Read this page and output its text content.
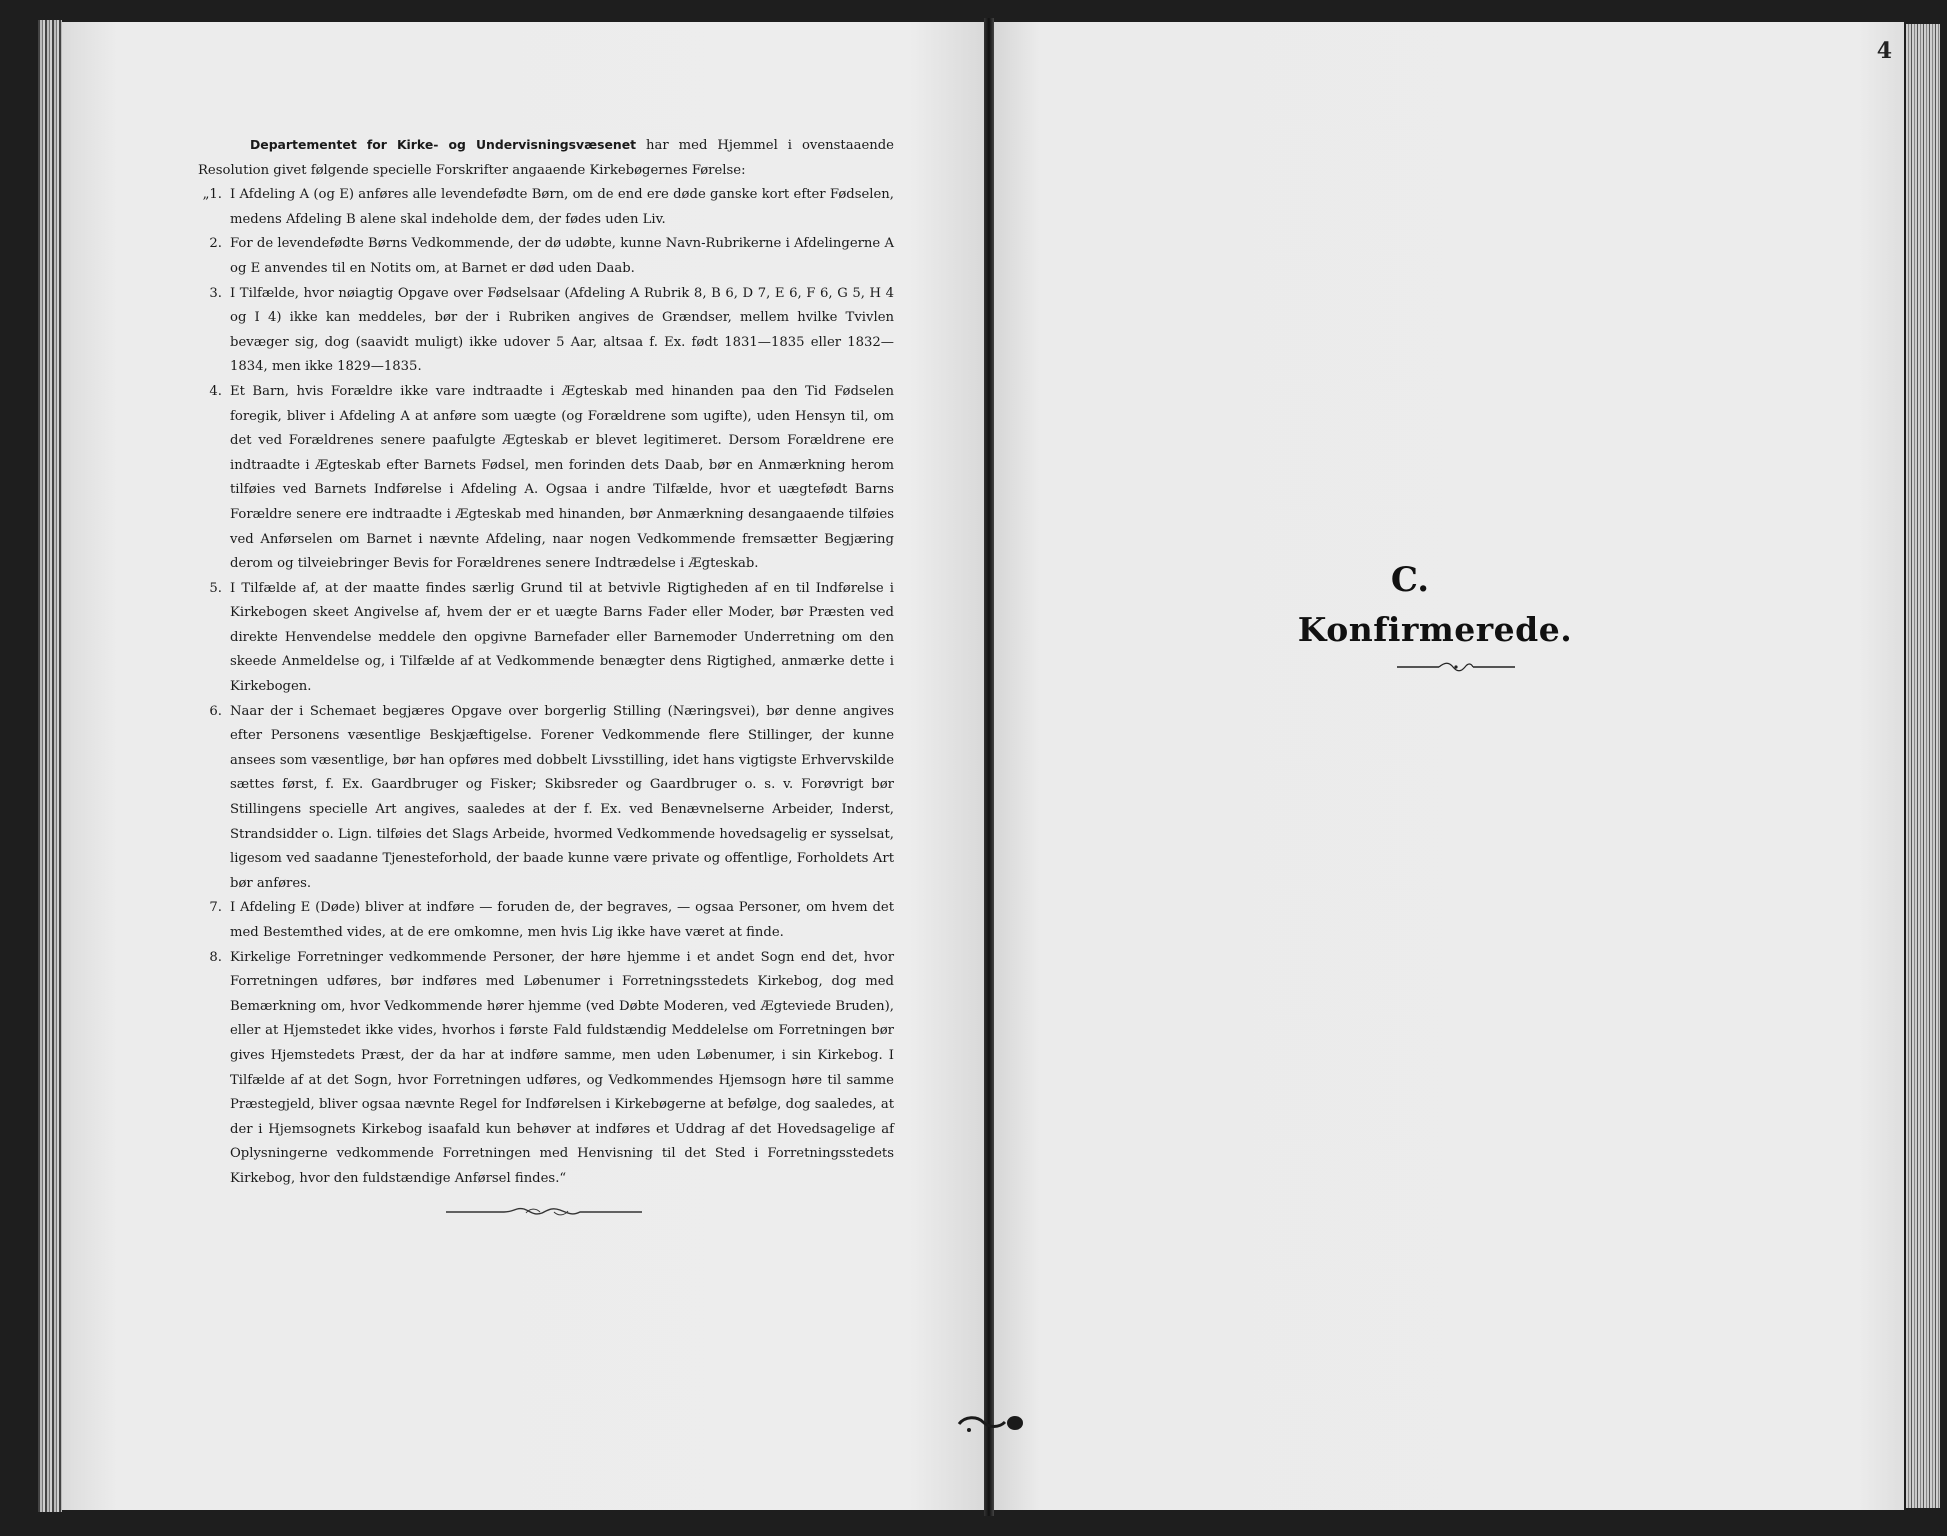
Departementet for Kirke- og Undervisningsvæsenet har med Hjemmel i ovenstaaende Resolution givet følgende specielle Forskrifter angaaende Kirkebøgernes Førelse:

„1. I Afdeling A (og E) anføres alle levendefødte Børn, om de end ere døde ganske kort efter Fødselen, medens Afdeling B alene skal indeholde dem, der fødes uden Liv.

2. For de levendefødte Børns Vedkommende, der dø udøbte, kunne Navn-Rubrikerne i Afdelingerne A og E anvendes til en Notits om, at Barnet er død uden Daab.

3. I Tilfælde, hvor nøiagtig Opgave over Fødselsaar (Afdeling A Rubrik 8, B 6, D 7, E 6, F 6, G 5, H 4 og I 4) ikke kan meddeles, bør der i Rubriken angives de Grændser, mellem hvilke Tvivlen bevæger sig, dog (saavidt muligt) ikke udover 5 Aar, altsaa f. Ex. født 1831—1835 eller 1832—1834, men ikke 1829—1835.

4. Et Barn, hvis Forældre ikke vare indtraadte i Ægteskab med hinanden paa den Tid Fødselen foregik, bliver i Afdeling A at anføre som uægte (og Forældrene som ugifte), uden Hensyn til, om det ved Forældrenes senere paafulgte Ægteskab er blevet legitimeret. Dersom Forældrene ere indtraadte i Ægteskab efter Barnets Fødsel, men forinden dets Daab, bør en Anmærkning herom tilføies ved Barnets Indførelse i Afdeling A. Ogsaa i andre Tilfælde, hvor et uægtefødt Barns Forældre senere ere indtraadte i Ægteskab med hinanden, bør Anmærkning desangaaende tilføies ved Anførselen om Barnet i nævnte Afdeling, naar nogen Vedkommende fremsætter Begjæring derom og tilveiebringer Bevis for Forældrenes senere Indtrædelse i Ægteskab.

5. I Tilfælde af, at der maatte findes særlig Grund til at betvivle Rigtigheden af en til Indførelse i Kirkebogen skeet Angivelse af, hvem der er et uægte Barns Fader eller Moder, bør Præsten ved direkte Henvendelse meddele den opgivne Barnefader eller Barnemoder Underretning om den skeede Anmeldelse og, i Tilfælde af at Vedkommende benægter dens Rigtighed, anmærke dette i Kirkebogen.

6. Naar der i Schemaet begjæres Opgave over borgerlig Stilling (Næringsvei), bør denne angives efter Personens væsentlige Beskjæftigelse. Forener Vedkommende flere Stillinger, der kunne ansees som væsentlige, bør han opføres med dobbelt Livsstilling, idet hans vigtigste Erhvervskilde sættes først, f. Ex. Gaardbruger og Fisker; Skibsreder og Gaardbruger o. s. v. Forøvrigt bør Stillingens specielle Art angives, saaledes at der f. Ex. ved Benævnelserne Arbeider, Inderst, Strandsidder o. Lign. tilføies det Slags Arbeide, hvormed Vedkommende hovedsagelig er sysselsat, ligesom ved saadanne Tjenesteforhold, der baade kunne være private og offentlige, Forholdets Art bør anføres.

7. I Afdeling E (Døde) bliver at indføre — foruden de, der begraves, — ogsaa Personer, om hvem det med Bestemthed vides, at de ere omkomne, men hvis Lig ikke have været at finde.

8. Kirkelige Forretninger vedkommende Personer, der høre hjemme i et andet Sogn end det, hvor Forretningen udføres, bør indføres med Løbenumer i Forretningsstedets Kirkebog, dog med Bemærkning om, hvor Vedkommende hører hjemme (ved Døbte Moderen, ved Ægteviede Bruden), eller at Hjemstedet ikke vides, hvorhos i første Fald fuldstændig Meddelelse om Forretningen bør gives Hjemstedets Præst, der da har at indføre samme, men uden Løbenumer, i sin Kirkebog. I Tilfælde af at det Sogn, hvor Forretningen udføres, og Vedkommendes Hjemsogn høre til samme Præstegjeld, bliver ogsaa nævnte Regel for Indførelsen i Kirkebøgerne at befølge, dog saaledes, at der i Hjemsognets Kirkebog isaafald kun behøver at indføres et Uddrag af det Hovedsagelige af Oplysningerne vedkommende Forretningen med Henvisning til det Sted i Forretningsstedets Kirkebog, hvor den fuldstændige Anførsel findes.“

4
C.
Konfirmerede.
